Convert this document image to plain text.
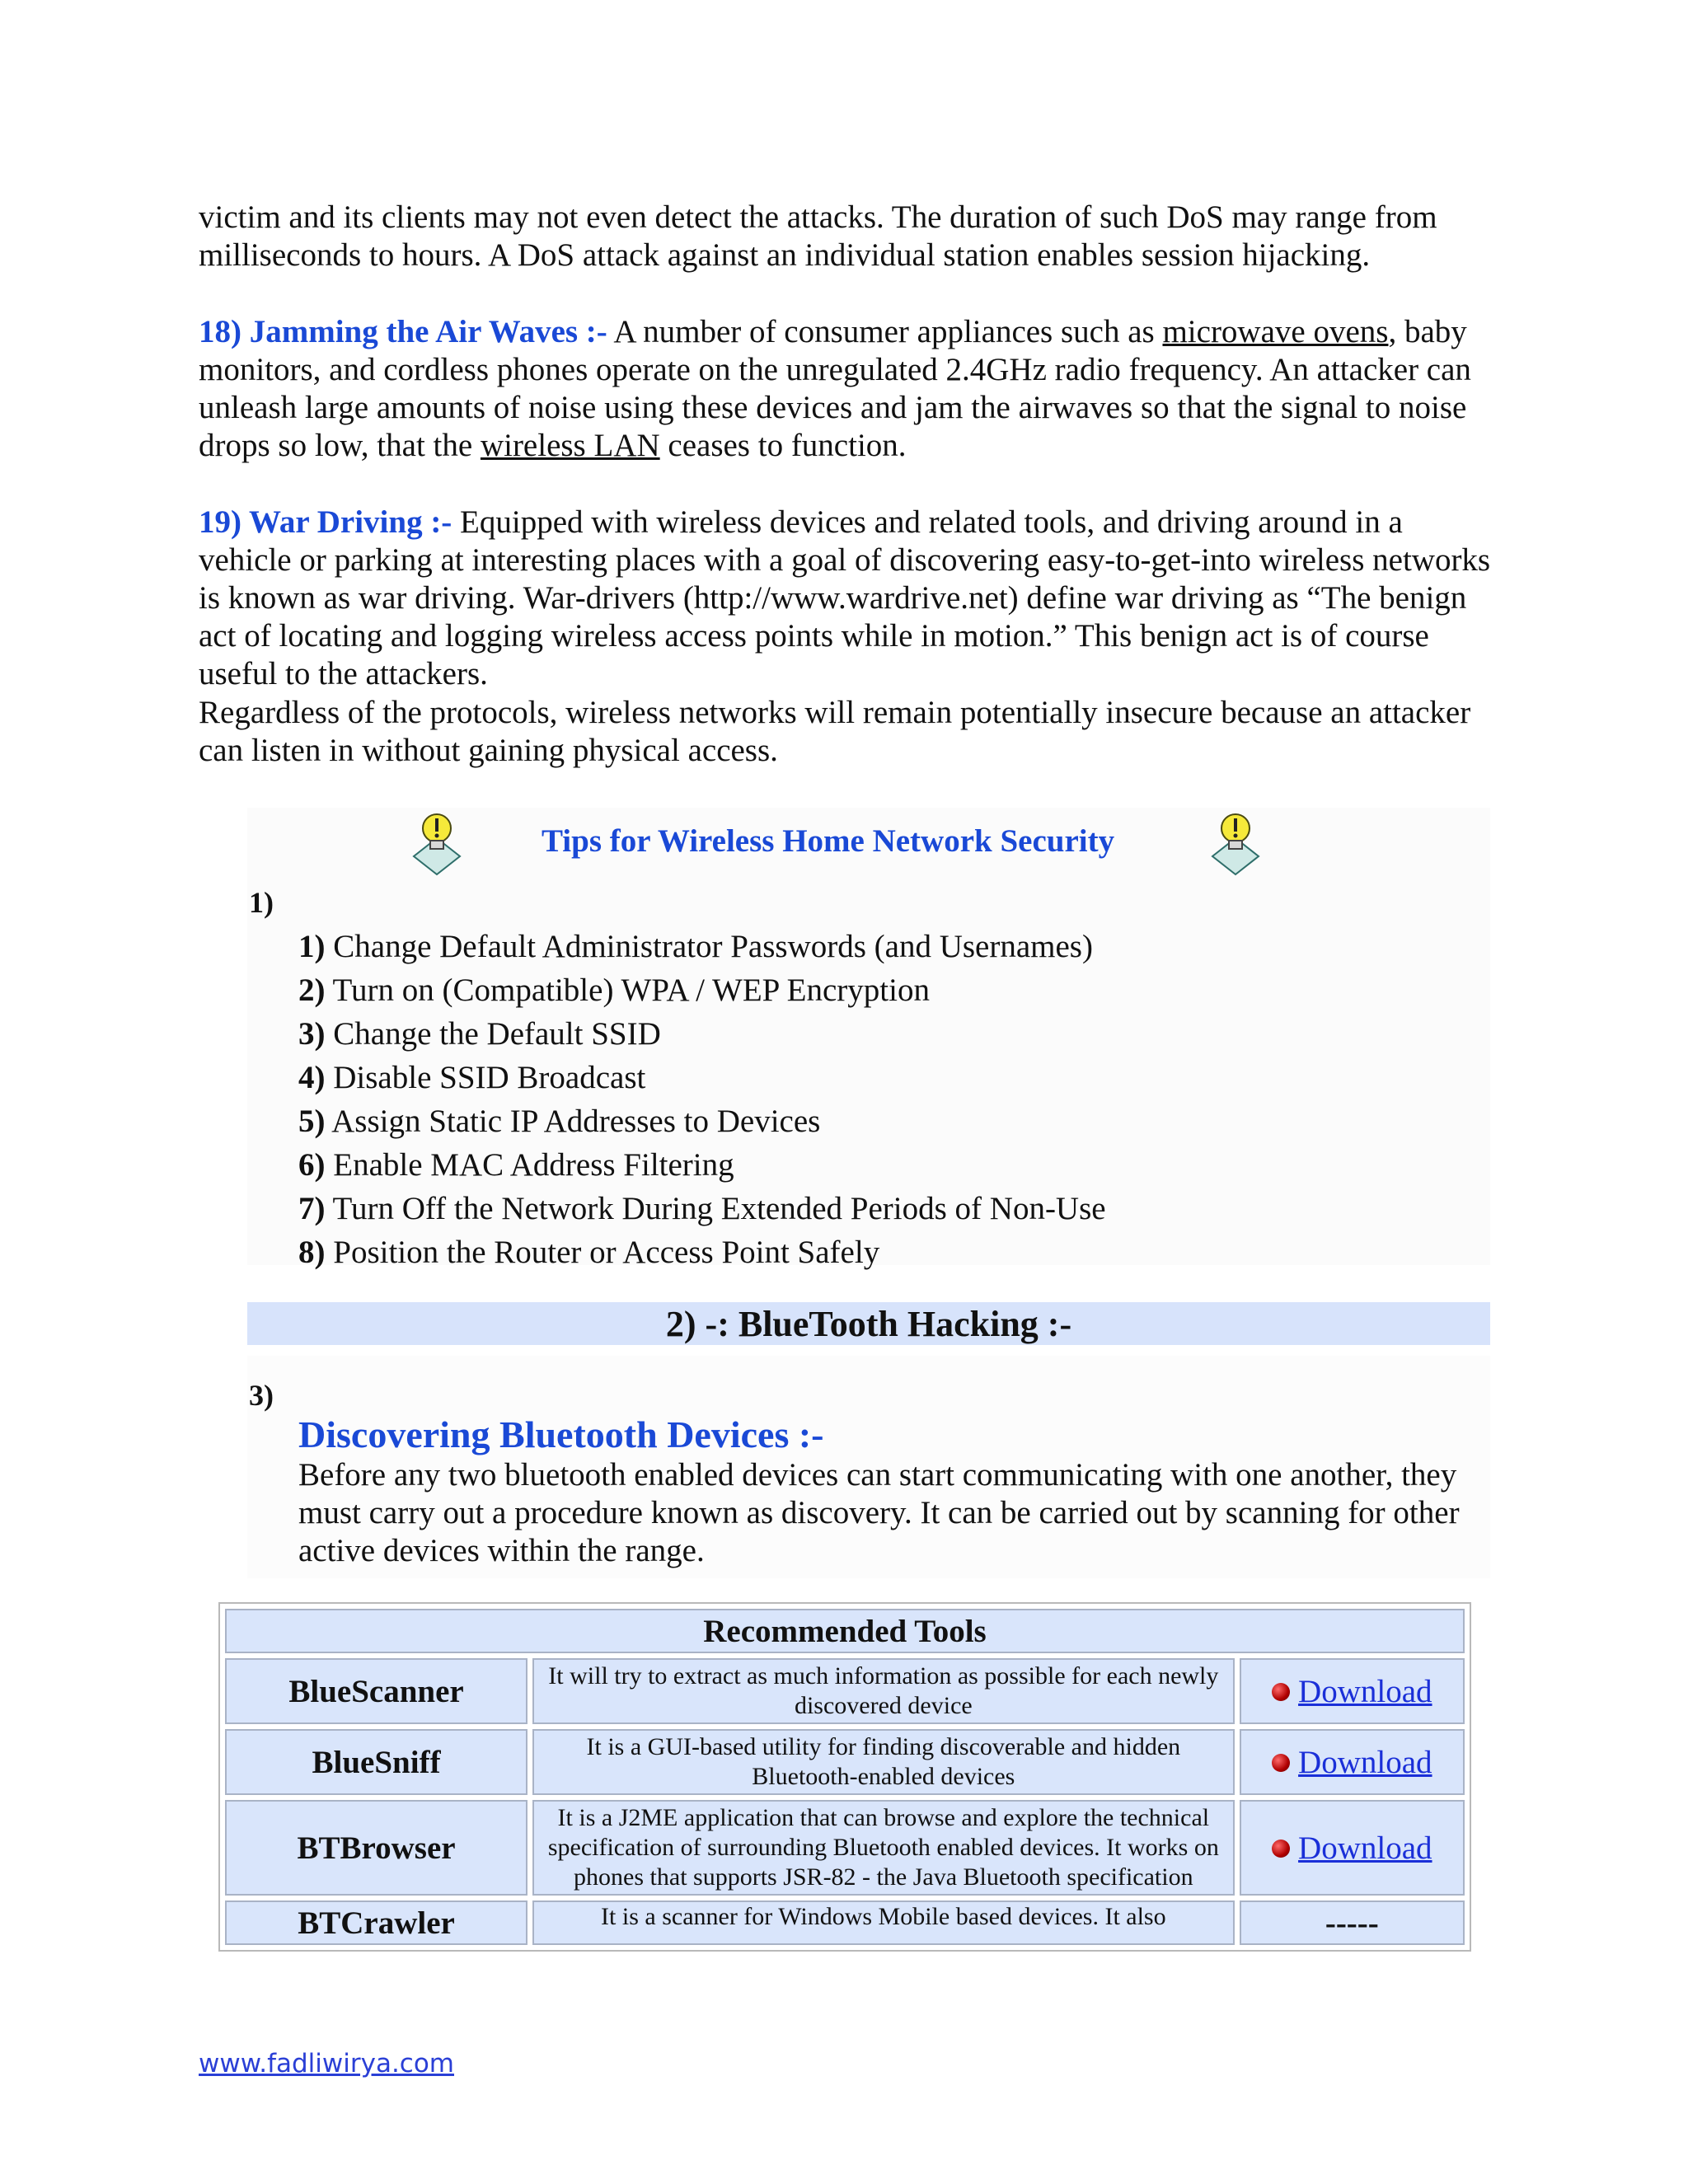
victim and its clients may not even detect the attacks. The duration of such DoS may range from milliseconds to hours. A DoS attack against an individual station enables session hijacking.

18) Jamming the Air Waves :- A number of consumer appliances such as microwave ovens, baby monitors, and cordless phones operate on the unregulated 2.4GHz radio frequency. An attacker can unleash large amounts of noise using these devices and jam the airwaves so that the signal to noise drops so low, that the wireless LAN ceases to function.

19) War Driving :- Equipped with wireless devices and related tools, and driving around in a vehicle or parking at interesting places with a goal of discovering easy-to-get-into wireless networks is known as war driving. War-drivers (http://www.wardrive.net) define war driving as “The benign act of locating and logging wireless access points while in motion.” This benign act is of course useful to the attackers.

Regardless of the protocols, wireless networks will remain potentially insecure because an attacker can listen in without gaining physical access.

Tips for Wireless Home Network Security
1)
1) Change Default Administrator Passwords (and Usernames)
2) Turn on (Compatible) WPA / WEP Encryption
3) Change the Default SSID
4) Disable SSID Broadcast
5) Assign Static IP Addresses to Devices
6) Enable MAC Address Filtering
7) Turn Off the Network During Extended Periods of Non-Use
8) Position the Router or Access Point Safely
2) -: BlueTooth Hacking :-
3)
Discovering Bluetooth Devices :-

Before any two bluetooth enabled devices can start communicating with one another, they must carry out a procedure known as discovery. It can be carried out by scanning for other active devices within the range.

Recommended Tools		
BlueScanner	It will try to extract as much information as possible for each newly discovered device	Download
BlueSniff	It is a GUI-based utility for finding discoverable and hidden Bluetooth-enabled devices	Download
BTBrowser	It is a J2ME application that can browse and explore the technical specification of surrounding Bluetooth enabled devices. It works on phones that supports JSR-82 - the Java Bluetooth specification	Download
BTCrawler	It is a scanner for Windows Mobile based devices. It also	-----
www.fadliwirya.com
